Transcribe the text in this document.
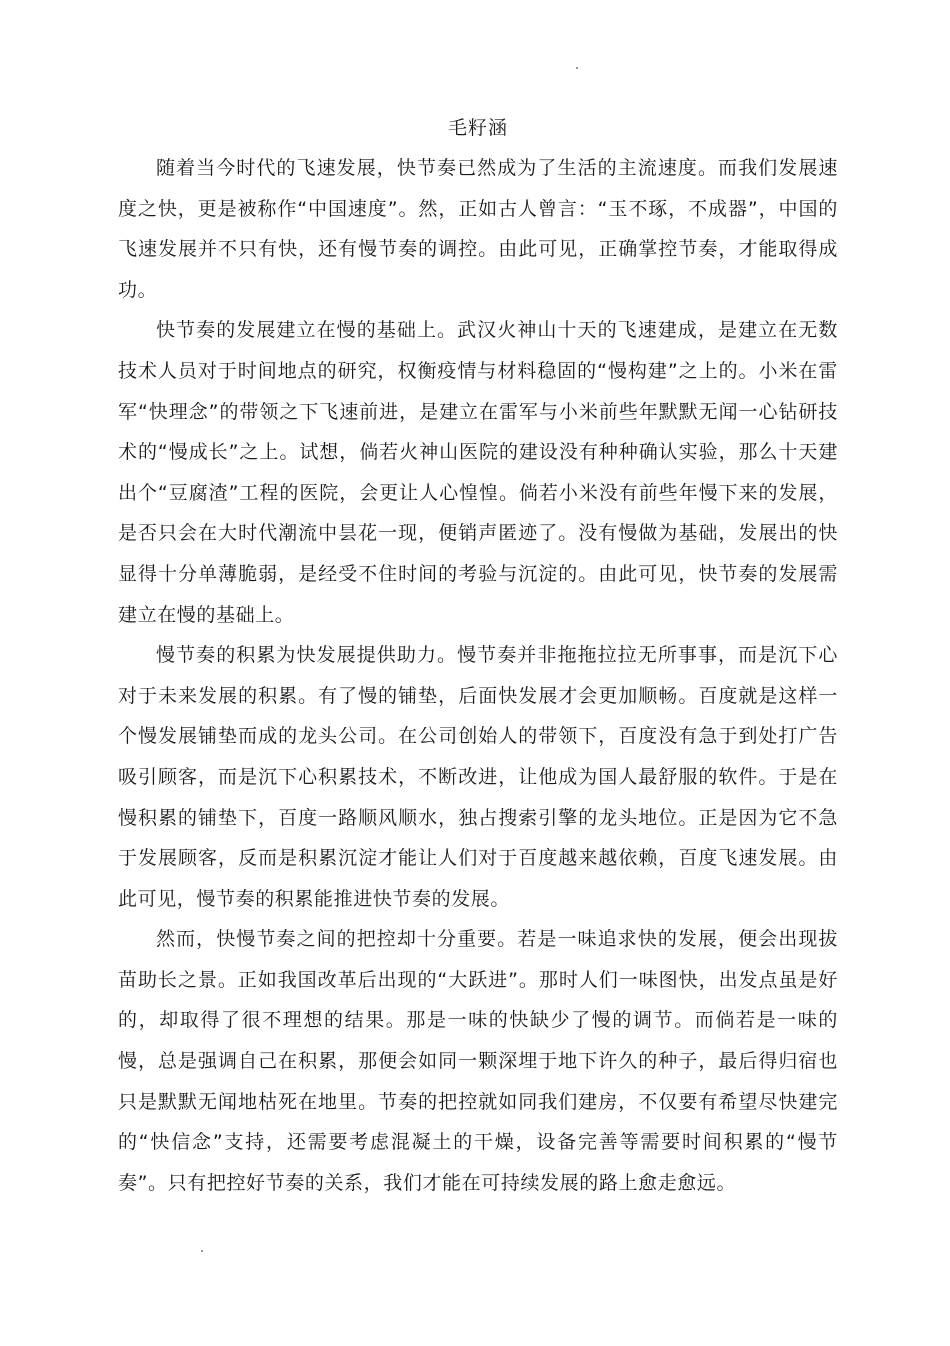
毛籽涵

随着当今时代的飞速发展，快节奏已然成为了生活的主流速度。而我们发展速度之快，更是被称作“中国速度”。然，正如古人曾言：“玉不琢，不成器”，中国的飞速发展并不只有快，还有慢节奏的调控。由此可见，正确掌控节奏，才能取得成功。

快节奏的发展建立在慢的基础上。武汉火神山十天的飞速建成，是建立在无数技术人员对于时间地点的研究，权衡疫情与材料稳固的“慢构建”之上的。小米在雷军“快理念”的带领之下飞速前进，是建立在雷军与小米前些年默默无闻一心钻研技术的“慢成长”之上。试想，倘若火神山医院的建设没有种种确认实验，那么十天建出个“豆腐渣”工程的医院，会更让人心惶惶。倘若小米没有前些年慢下来的发展，是否只会在大时代潮流中昙花一现，便销声匿迹了。没有慢做为基础，发展出的快显得十分单薄脆弱，是经受不住时间的考验与沉淀的。由此可见，快节奏的发展需建立在慢的基础上。

慢节奏的积累为快发展提供助力。慢节奏并非拖拖拉拉无所事事，而是沉下心对于未来发展的积累。有了慢的铺垫，后面快发展才会更加顺畅。百度就是这样一个慢发展铺垫而成的龙头公司。在公司创始人的带领下，百度没有急于到处打广告吸引顾客，而是沉下心积累技术，不断改进，让他成为国人最舒服的软件。于是在慢积累的铺垫下，百度一路顺风顺水，独占搜索引擎的龙头地位。正是因为它不急于发展顾客，反而是积累沉淀才能让人们对于百度越来越依赖，百度飞速发展。由此可见，慢节奏的积累能推进快节奏的发展。

然而，快慢节奏之间的把控却十分重要。若是一味追求快的发展，便会出现拔苗助长之景。正如我国改革后出现的“大跃进”。那时人们一味图快，出发点虽是好的，却取得了很不理想的结果。那是一味的快缺少了慢的调节。而倘若是一味的慢，总是强调自己在积累，那便会如同一颗深埋于地下许久的种子，最后得归宿也只是默默无闻地枯死在地里。节奏的把控就如同我们建房，不仅要有希望尽快建完的“快信念”支持，还需要考虑混凝土的干燥，设备完善等需要时间积累的“慢节奏”。只有把控好节奏的关系，我们才能在可持续发展的路上愈走愈远。
